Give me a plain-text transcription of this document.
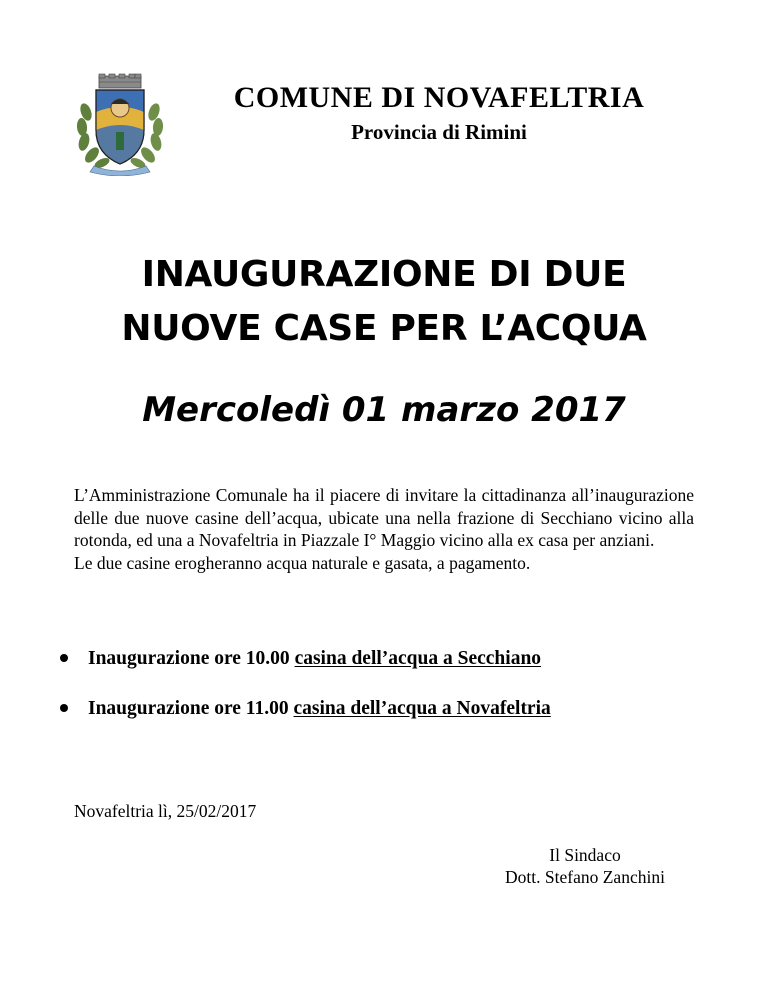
COMUNE DI NOVAFELTRIA
Provincia di Rimini
INAUGURAZIONE DI DUE
NUOVE CASE PER L’ACQUA
Mercoledì 01 marzo 2017

L’Amministrazione Comunale ha il piacere di invitare la cittadinanza all’inaugurazione delle due nuove casine dell’acqua, ubicate una nella frazione di Secchiano vicino alla rotonda, ed una a Novafeltria in Piazzale I° Maggio vicino alla ex casa per anziani.

Le due casine erogheranno acqua naturale e gasata, a pagamento.

Inaugurazione ore 10.00 casina dell’acqua a Secchiano
Inaugurazione ore 11.00 casina dell’acqua a Novafeltria
Novafeltria lì, 25/02/2017
Il Sindaco
Dott. Stefano Zanchini
